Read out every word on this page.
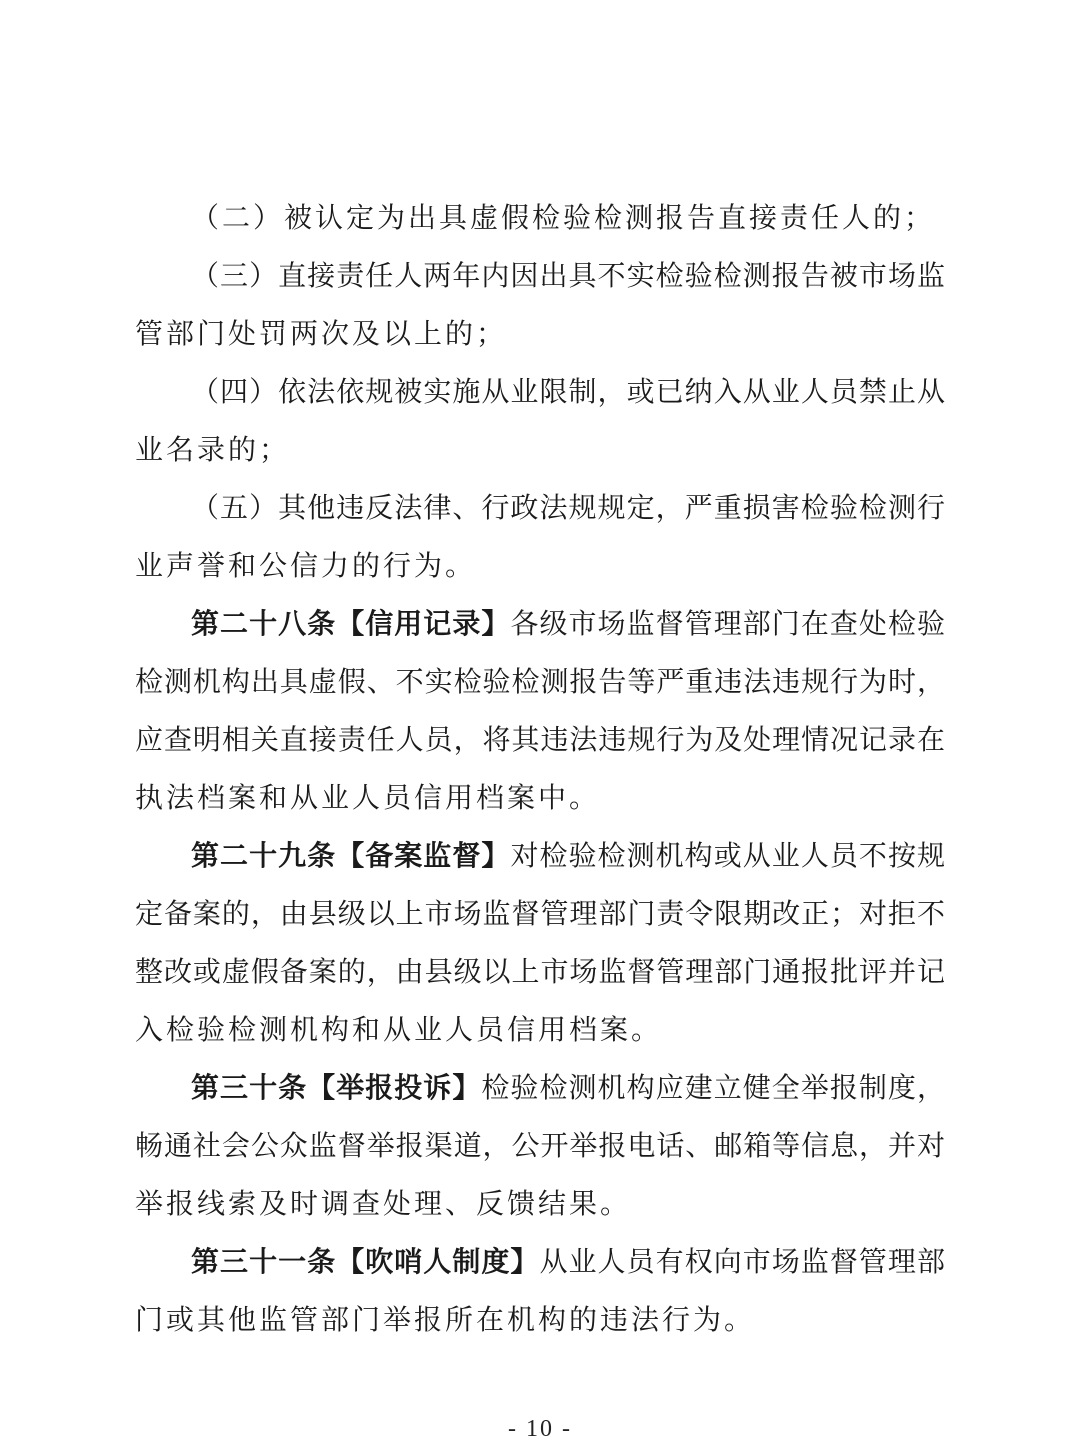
（二）被认定为出具虚假检验检测报告直接责任人的；
（三）直接责任人两年内因出具不实检验检测报告被市场监
管部门处罚两次及以上的；
（四）依法依规被实施从业限制，或已纳入从业人员禁止从
业名录的；
（五）其他违反法律、行政法规规定，严重损害检验检测行
业声誉和公信力的行为。
第二十八条【信用记录】各级市场监督管理部门在查处检验
检测机构出具虚假、不实检验检测报告等严重违法违规行为时，
应查明相关直接责任人员，将其违法违规行为及处理情况记录在
执法档案和从业人员信用档案中。
第二十九条【备案监督】对检验检测机构或从业人员不按规
定备案的，由县级以上市场监督管理部门责令限期改正；对拒不
整改或虚假备案的，由县级以上市场监督管理部门通报批评并记
入检验检测机构和从业人员信用档案。
第三十条【举报投诉】检验检测机构应建立健全举报制度，
畅通社会公众监督举报渠道，公开举报电话、邮箱等信息，并对
举报线索及时调查处理、反馈结果。
第三十一条【吹哨人制度】从业人员有权向市场监督管理部
门或其他监管部门举报所在机构的违法行为。
- 10 -
